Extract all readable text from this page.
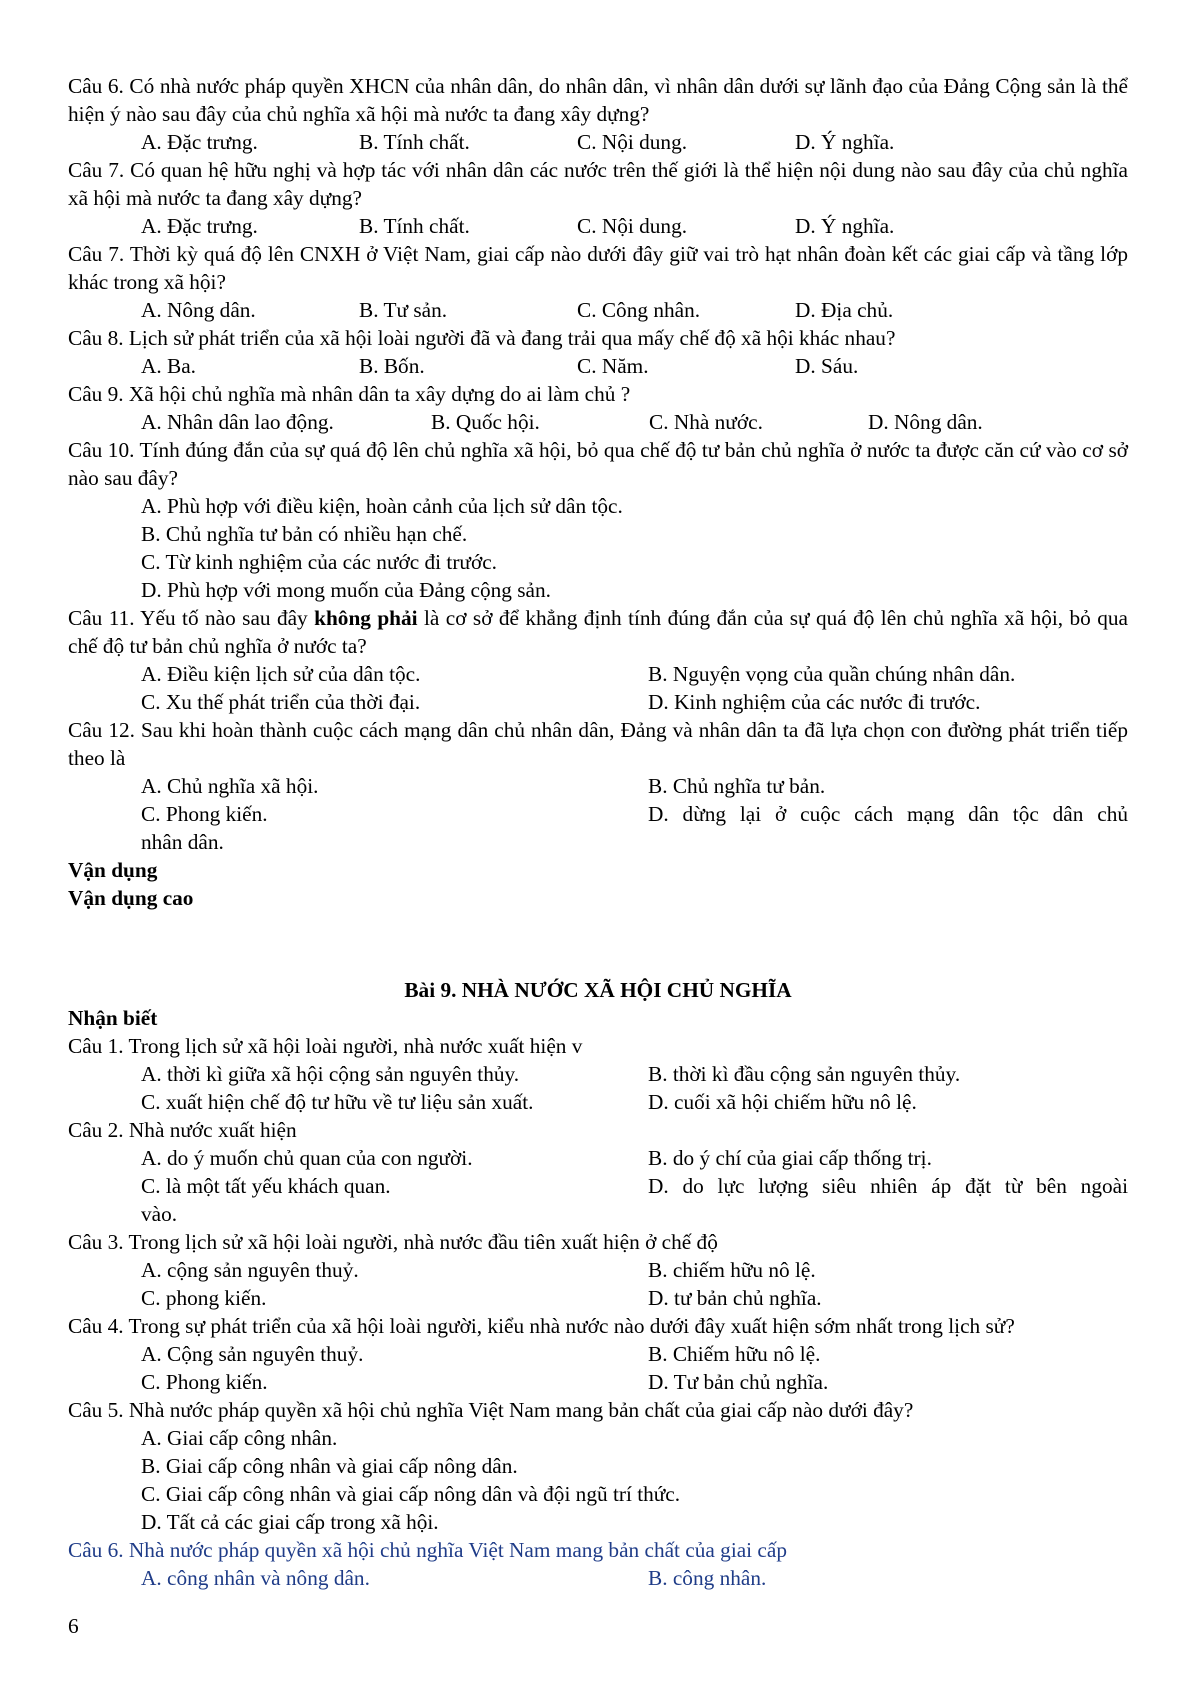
Câu 6. Có nhà nước pháp quyền XHCN của nhân dân, do nhân dân, vì nhân dân dưới sự lãnh đạo của Đảng Cộng sản là thể hiện ý nào sau đây của chủ nghĩa xã hội mà nước ta đang xây dựng?
A. Đặc trưng.	B. Tính chất.	C. Nội dung.	D. Ý nghĩa.
Câu 7. Có quan hệ hữu nghị và hợp tác với nhân dân các nước trên thế giới là thể hiện nội dung nào sau đây của chủ nghĩa xã hội mà nước ta đang xây dựng?
A. Đặc trưng.	B. Tính chất.	C. Nội dung.	D. Ý nghĩa.
Câu 7. Thời kỳ quá độ lên CNXH ở Việt Nam, giai cấp nào dưới đây giữ vai trò hạt nhân đoàn kết các giai cấp và tầng lớp khác trong xã hội?
A. Nông dân.	B. Tư sản.	C. Công nhân.	D. Địa chủ.
Câu 8. Lịch sử phát triển của xã hội loài người đã và đang trải qua mấy chế độ xã hội khác nhau?
A. Ba.	B. Bốn.	C. Năm.	D. Sáu.
Câu 9. Xã hội chủ nghĩa mà nhân dân ta xây dựng do ai làm chủ ?
A. Nhân dân lao động.	B. Quốc hội.	C. Nhà nước.	D. Nông dân.
Câu 10. Tính đúng đắn của sự quá độ lên chủ nghĩa xã hội, bỏ qua chế độ tư bản chủ nghĩa ở nước ta được căn cứ vào cơ sở nào sau đây?
A. Phù hợp với điều kiện, hoàn cảnh của lịch sử dân tộc.
B. Chủ nghĩa tư bản có nhiều hạn chế.
C. Từ kinh nghiệm của các nước đi trước.
D. Phù hợp với mong muốn của Đảng cộng sản.
Câu 11. Yếu tố nào sau đây không phải là cơ sở để khẳng định tính đúng đắn của sự quá độ lên chủ nghĩa xã hội, bỏ qua chế độ tư bản chủ nghĩa ở nước ta?
A. Điều kiện lịch sử của dân tộc.	B. Nguyện vọng của quần chúng nhân dân.
C. Xu thế phát triển của thời đại.	D. Kinh nghiệm của các nước đi trước.
Câu 12. Sau khi hoàn thành cuộc cách mạng dân chủ nhân dân, Đảng và nhân dân ta đã lựa chọn con đường phát triển tiếp theo là
A. Chủ nghĩa xã hội.	B. Chủ nghĩa tư bản.
C. Phong kiến.	D. dừng lại ở cuộc cách mạng dân tộc dân chủ
nhân dân.
Vận dụng
Vận dụng cao
Bài 9. NHÀ NƯỚC XÃ HỘI CHỦ NGHĨA
Nhận biết
Câu 1. Trong lịch sử xã hội loài người, nhà nước xuất hiện v
A. thời kì giữa xã hội cộng sản nguyên thủy.	B. thời kì đầu cộng sản nguyên thủy.
C. xuất hiện chế độ tư hữu về tư liệu sản xuất.	D. cuối xã hội chiếm hữu nô lệ.
Câu 2. Nhà nước xuất hiện
A. do ý muốn chủ quan của con người.	B. do ý chí của giai cấp thống trị.
C. là một tất yếu khách quan.	D. do lực lượng siêu nhiên áp đặt từ bên ngoài
vào.
Câu 3. Trong lịch sử xã hội loài người, nhà nước đầu tiên xuất hiện ở chế độ
A. cộng sản nguyên thuỷ.	B. chiếm hữu nô lệ.
C. phong kiến.	D. tư bản chủ nghĩa.
Câu 4. Trong sự phát triển của xã hội loài người, kiểu nhà nước nào dưới đây xuất hiện sớm nhất trong lịch sử?
A. Cộng sản nguyên thuỷ.	B. Chiếm hữu nô lệ.
C. Phong kiến.	D. Tư bản chủ nghĩa.
Câu 5. Nhà nước pháp quyền xã hội chủ nghĩa Việt Nam mang bản chất của giai cấp nào dưới đây?
A. Giai cấp công nhân.
B. Giai cấp công nhân và giai cấp nông dân.
C. Giai cấp công nhân và giai cấp nông dân và đội ngũ trí thức.
D. Tất cả các giai cấp trong xã hội.
Câu 6. Nhà nước pháp quyền xã hội chủ nghĩa Việt Nam mang bản chất của giai cấp
A. công nhân và nông dân.	B. công nhân.
6
